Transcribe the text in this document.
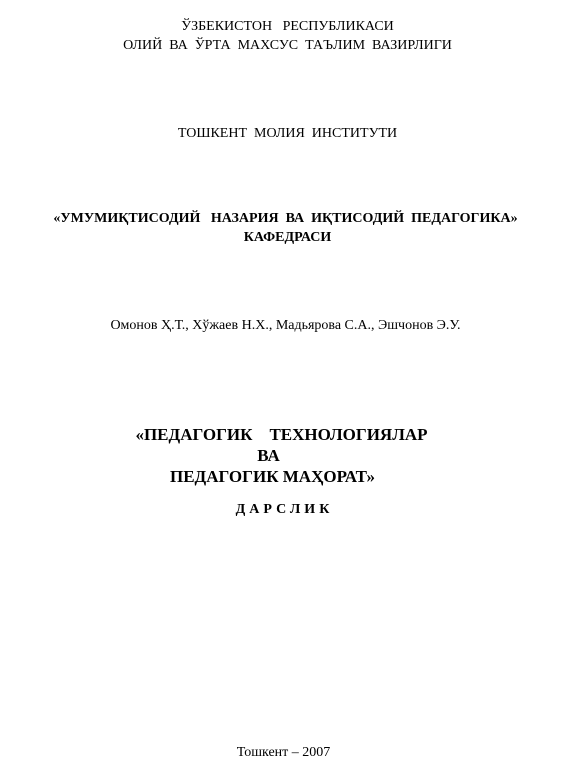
ЎЗБЕКИСТОН   РЕСПУБЛИКАСИ
ОЛИЙ  ВА  ЎРТА  МАХСУС  ТАЪЛИМ  ВАЗИРЛИГИ
ТОШКЕНТ  МОЛИЯ  ИНСТИТУТИ
«УМУМИҚТИСОДИЙ   НАЗАРИЯ  ВА  ИҚТИСОДИЙ  ПЕДАГОГИКА»
КАФЕДРАСИ
Омонов Ҳ.Т., Хўжаев Н.Х., Мадьярова С.А., Эшчонов Э.У.
«ПЕДАГОГИК    ТЕХНОЛОГИЯЛАР
ВА
ПЕДАГОГИК МАҲОРАТ»
ДАРСЛИК
Тошкент – 2007
